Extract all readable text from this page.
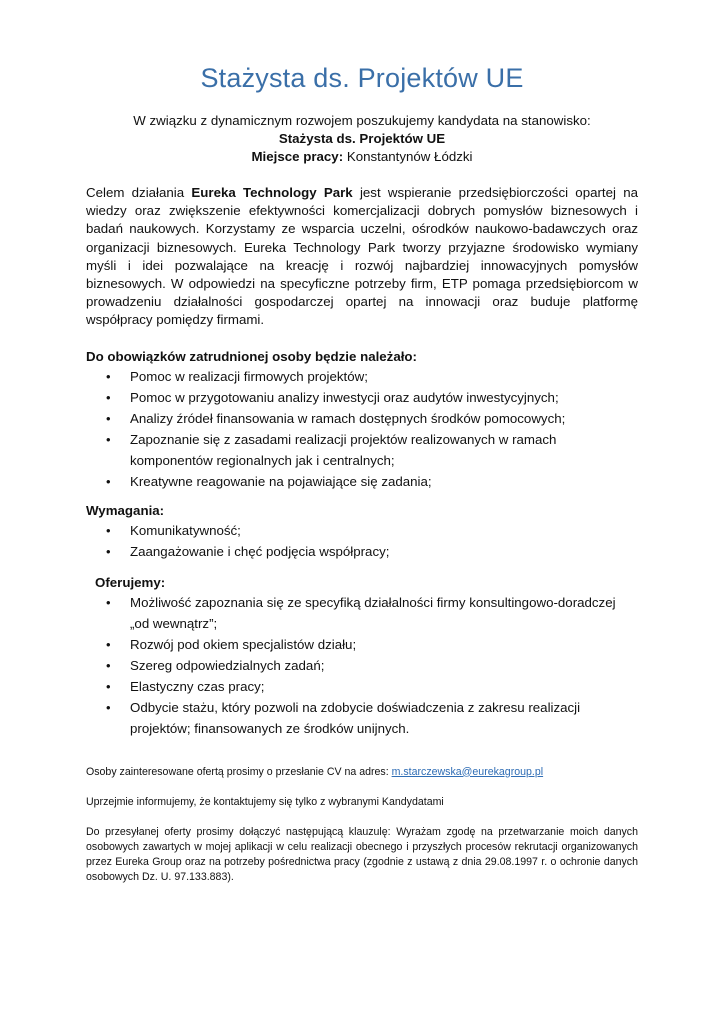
Stażysta ds. Projektów UE
W związku z dynamicznym rozwojem poszukujemy kandydata na stanowisko:
Stażysta ds. Projektów UE
Miejsce pracy: Konstantynów Łódzki

Celem działania Eureka Technology Park jest wspieranie przedsiębiorczości opartej na wiedzy oraz zwiększenie efektywności komercjalizacji dobrych pomysłów biznesowych i badań naukowych. Korzystamy ze wsparcia uczelni, ośrodków naukowo-badawczych oraz organizacji biznesowych. Eureka Technology Park tworzy przyjazne środowisko wymiany myśli i idei pozwalające na kreację i rozwój najbardziej innowacyjnych pomysłów biznesowych. W odpowiedzi na specyficzne potrzeby firm, ETP pomaga przedsiębiorcom w prowadzeniu działalności gospodarczej opartej na innowacji oraz buduje platformę współpracy pomiędzy firmami.

Do obowiązków zatrudnionej osoby będzie należało:
• Pomoc w realizacji firmowych projektów;
• Pomoc w przygotowaniu analizy inwestycji oraz audytów inwestycyjnych;
• Analizy źródeł finansowania w ramach dostępnych środków pomocowych;
• Zapoznanie się z zasadami realizacji projektów realizowanych w ramach komponentów regionalnych jak i centralnych;
• Kreatywne reagowanie na pojawiające się zadania;
Wymagania:
• Komunikatywność;
• Zaangażowanie i chęć podjęcia współpracy;
Oferujemy:
• Możliwość zapoznania się ze specyfiką działalności firmy konsultingowo-doradczej „od wewnątrz”;
• Rozwój pod okiem specjalistów działu;
• Szereg odpowiedzialnych zadań;
• Elastyczny czas pracy;
• Odbycie stażu, który pozwoli na zdobycie doświadczenia z zakresu realizacji projektów; finansowanych ze środków unijnych.
Osoby zainteresowane ofertą prosimy o przesłanie CV na adres: m.starczewska@eurekagroup.pl
Uprzejmie informujemy, że kontaktujemy się tylko z wybranymi Kandydatami
Do przesyłanej oferty prosimy dołączyć następującą klauzulę: Wyrażam zgodę na przetwarzanie moich danych osobowych zawartych w mojej aplikacji w celu realizacji obecnego i przyszłych procesów rekrutacji organizowanych przez Eureka Group oraz na potrzeby pośrednictwa pracy (zgodnie z ustawą z dnia 29.08.1997 r. o ochronie danych osobowych Dz. U. 97.133.883).
